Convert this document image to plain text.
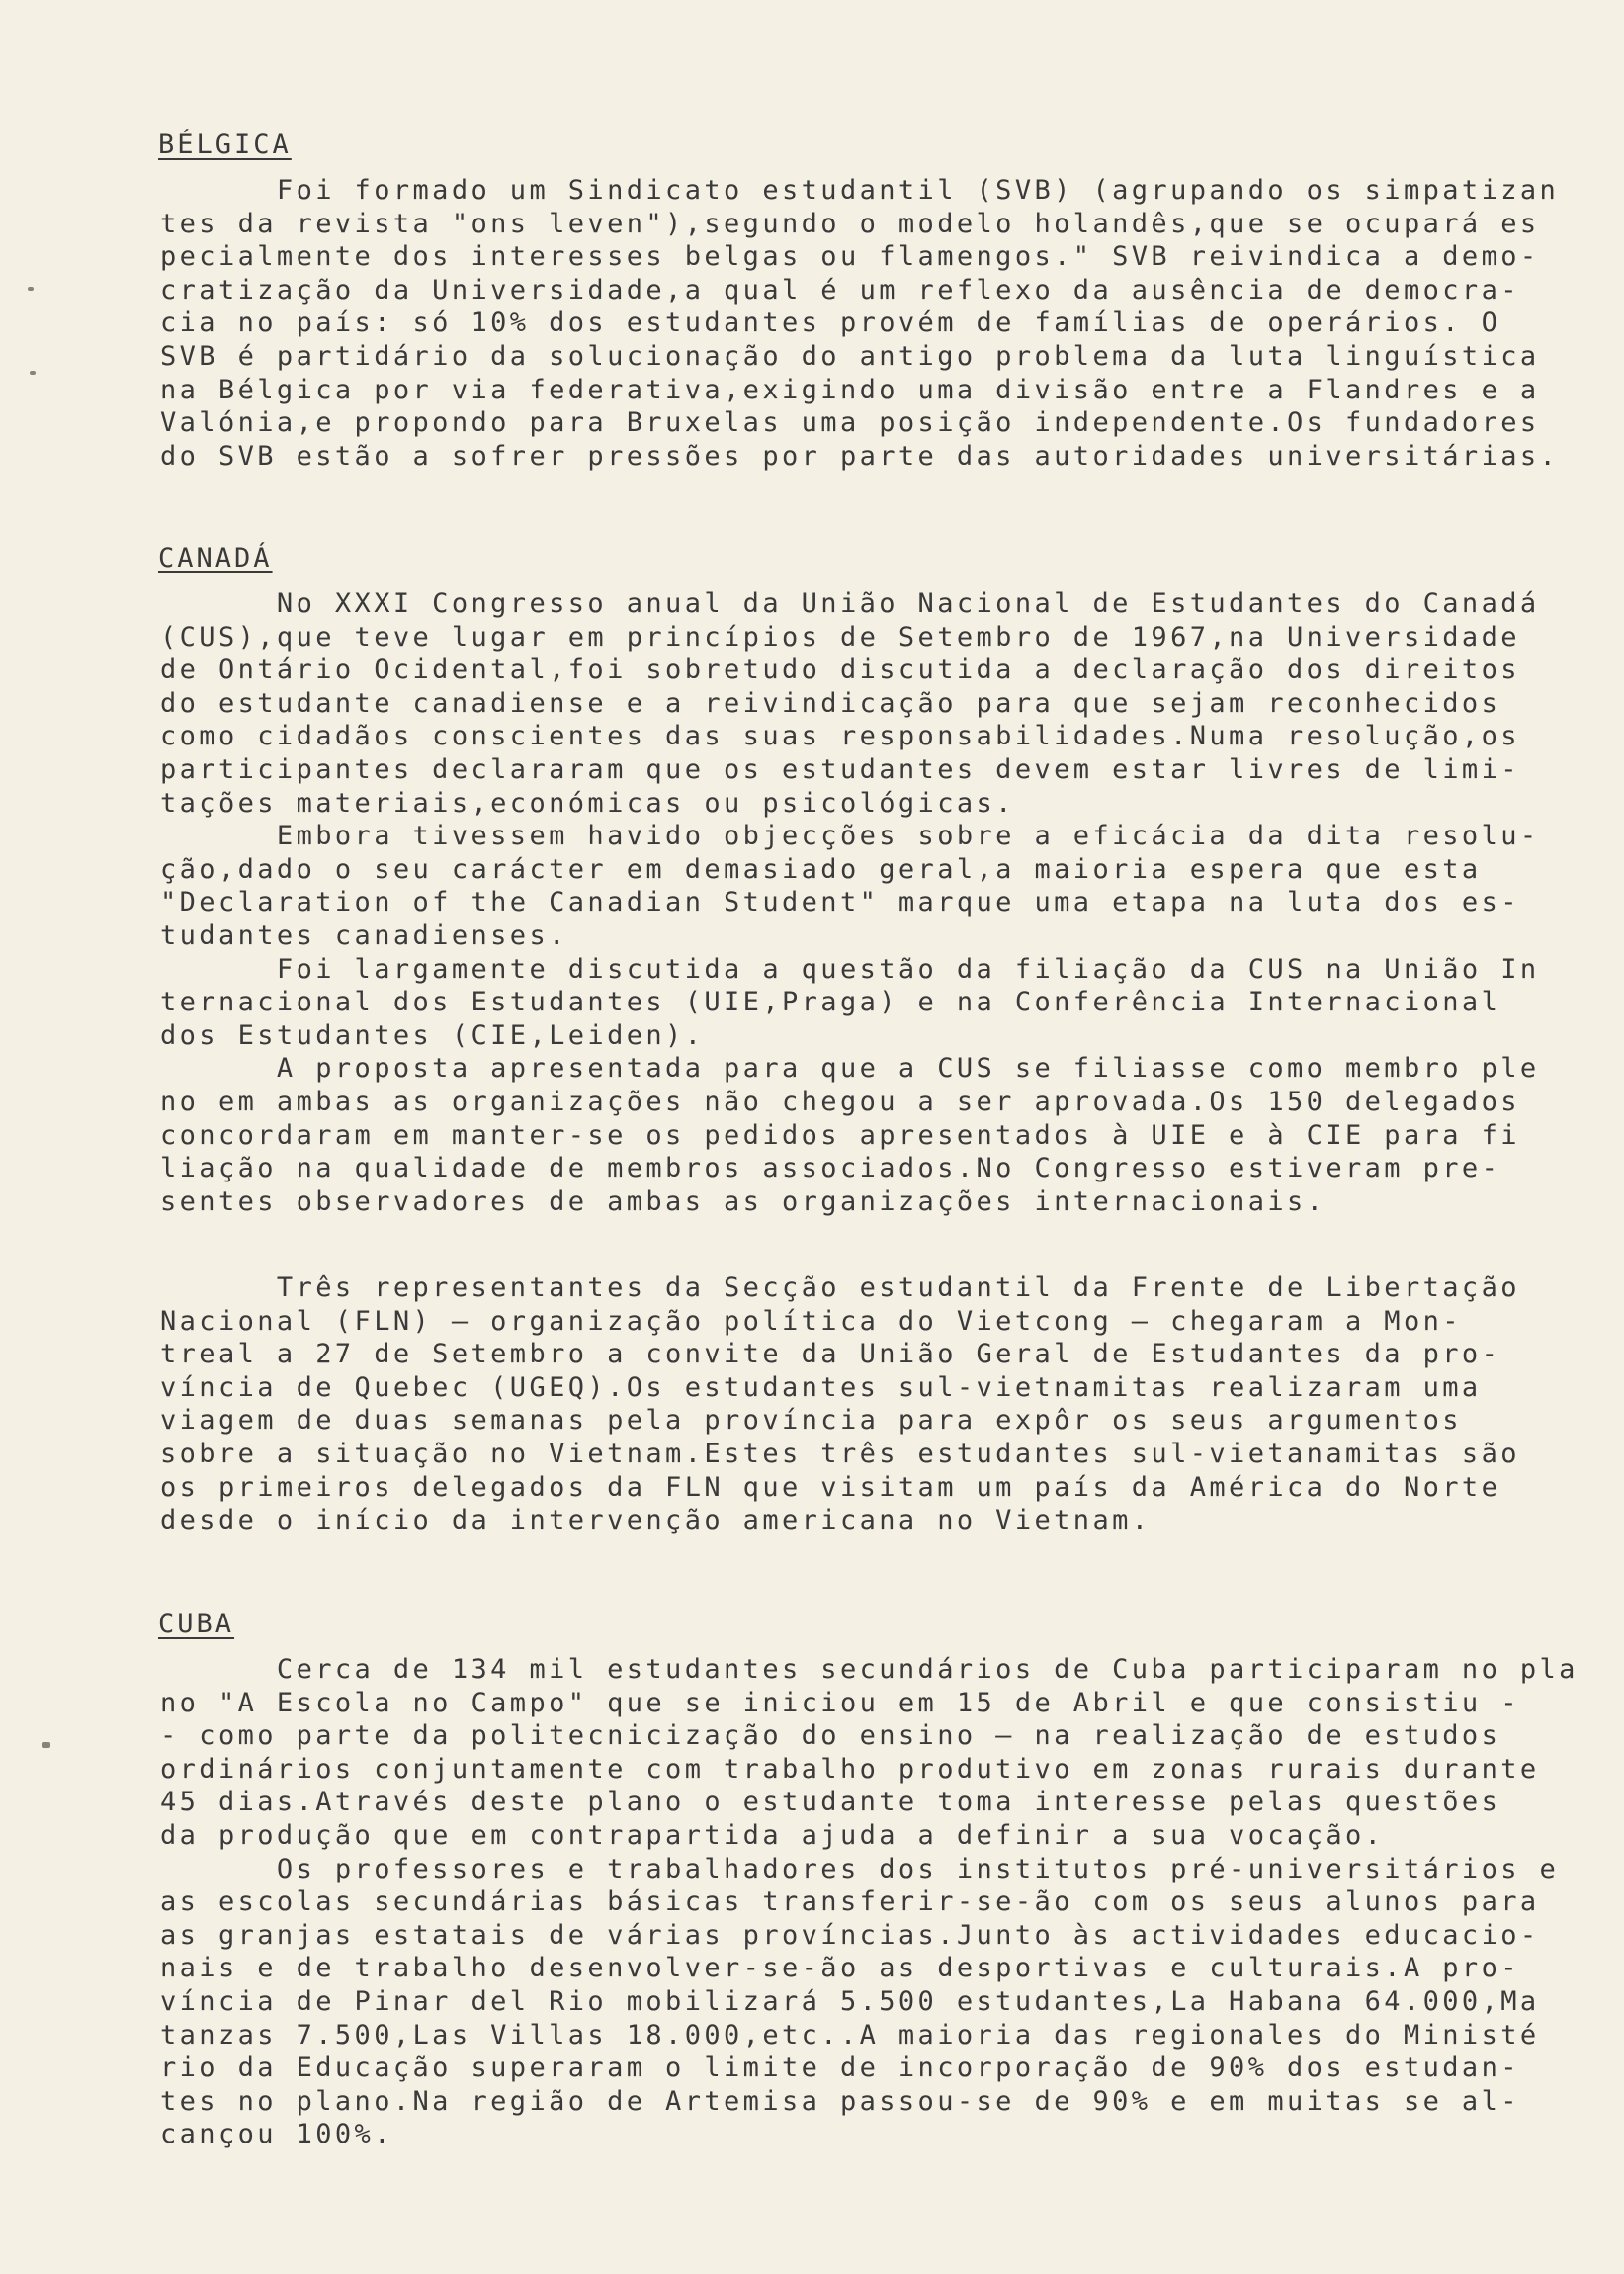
BÉLGICA
Foi formado um Sindicato estudantil (SVB) (agrupando os simpatizan
tes da revista "ons leven"),segundo o modelo holandês,que se ocupará es
pecialmente dos interesses belgas ou flamengos." SVB reivindica a demo-
cratização da Universidade,a qual é um reflexo da ausência de democra-
cia no país: só 10% dos estudantes provém de famílias de operários. O
SVB é partidário da solucionação do antigo problema da luta linguística
na Bélgica por via federativa,exigindo uma divisão entre a Flandres e a
Valónia,e propondo para Bruxelas uma posição independente.Os fundadores
do SVB estão a sofrer pressões por parte das autoridades universitárias.
CANADÁ
No XXXI Congresso anual da União Nacional de Estudantes do Canadá
(CUS),que teve lugar em princípios de Setembro de 1967,na Universidade
de Ontário Ocidental,foi sobretudo discutida a declaração dos direitos
do estudante canadiense e a reivindicação para que sejam reconhecidos
como cidadãos conscientes das suas responsabilidades.Numa resolução,os
participantes declararam que os estudantes devem estar livres de limi-
tações materiais,económicas ou psicológicas.
Embora tivessem havido objecções sobre a eficácia da dita resolu-
ção,dado o seu carácter em demasiado geral,a maioria espera que esta
"Declaration of the Canadian Student" marque uma etapa na luta dos es-
tudantes canadienses.
Foi largamente discutida a questão da filiação da CUS na União In
ternacional dos Estudantes (UIE,Praga) e na Conferência Internacional
dos Estudantes (CIE,Leiden).
A proposta apresentada para que a CUS se filiasse como membro ple
no em ambas as organizações não chegou a ser aprovada.Os 150 delegados
concordaram em manter-se os pedidos apresentados à UIE e à CIE para fi
liação na qualidade de membros associados.No Congresso estiveram pre-
sentes observadores de ambas as organizações internacionais.
Três representantes da Secção estudantil da Frente de Libertação
Nacional (FLN) — organização política do Vietcong — chegaram a Mon-
treal a 27 de Setembro a convite da União Geral de Estudantes da pro-
víncia de Quebec (UGEQ).Os estudantes sul-vietnamitas realizaram uma
viagem de duas semanas pela província para expôr os seus argumentos
sobre a situação no Vietnam.Estes três estudantes sul-vietanamitas são
os primeiros delegados da FLN que visitam um país da América do Norte
desde o início da intervenção americana no Vietnam.
CUBA
Cerca de 134 mil estudantes secundários de Cuba participaram no pla
no "A Escola no Campo" que se iniciou em 15 de Abril e que consistiu -
- como parte da politecnicização do ensino — na realização de estudos
ordinários conjuntamente com trabalho produtivo em zonas rurais durante
45 dias.Através deste plano o estudante toma interesse pelas questões
da produção que em contrapartida ajuda a definir a sua vocação.
Os professores e trabalhadores dos institutos pré-universitários e
as escolas secundárias básicas transferir-se-ão com os seus alunos para
as granjas estatais de várias províncias.Junto às actividades educacio-
nais e de trabalho desenvolver-se-ão as desportivas e culturais.A pro-
víncia de Pinar del Rio mobilizará 5.500 estudantes,La Habana 64.000,Ma
tanzas 7.500,Las Villas 18.000,etc..A maioria das regionales do Ministé
rio da Educação superaram o limite de incorporação de 90% dos estudan-
tes no plano.Na região de Artemisa passou-se de 90% e em muitas se al-
cançou 100%.
